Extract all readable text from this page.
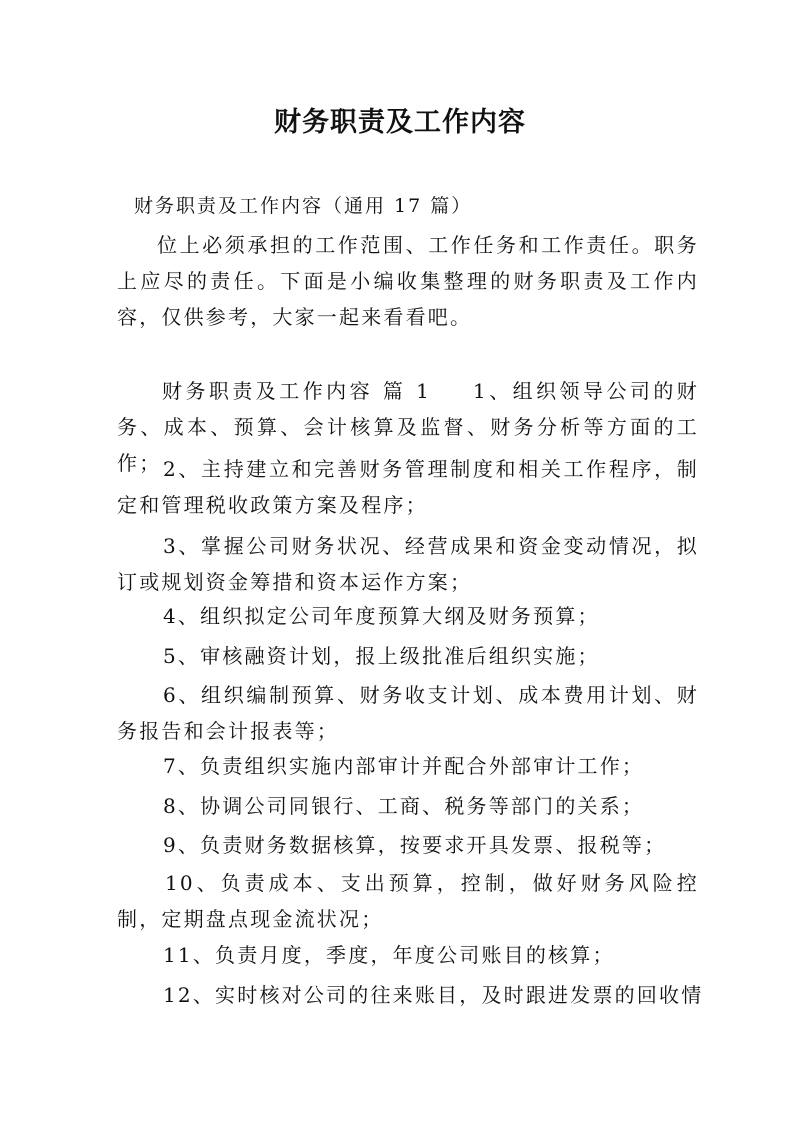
财务职责及工作内容
财务职责及工作内容（通用 17 篇）

位上必须承担的工作范围、工作任务和工作责任。职务上应尽的责任。下面是小编收集整理的财务职责及工作内容，仅供参考，大家一起来看看吧。

财务职责及工作内容 篇 1 1、组织领导公司的财务、成本、预算、会计核算及监督、财务分析等方面的工作； 2、主持建立和完善财务管理制度和相关工作程序，制定和管理税收政策方案及程序；

3、掌握公司财务状况、经营成果和资金变动情况，拟订或规划资金筹措和资本运作方案；

4、组织拟定公司年度预算大纲及财务预算；

5、审核融资计划，报上级批准后组织实施；

6、组织编制预算、财务收支计划、成本费用计划、财务报告和会计报表等；

7、负责组织实施内部审计并配合外部审计工作；

8、协调公司同银行、工商、税务等部门的关系；

9、负责财务数据核算，按要求开具发票、报税等；

10、负责成本、支出预算，控制，做好财务风险控制，定期盘点现金流状况；

11、负责月度，季度，年度公司账目的核算；

12、实时核对公司的往来账目，及时跟进发票的回收情
